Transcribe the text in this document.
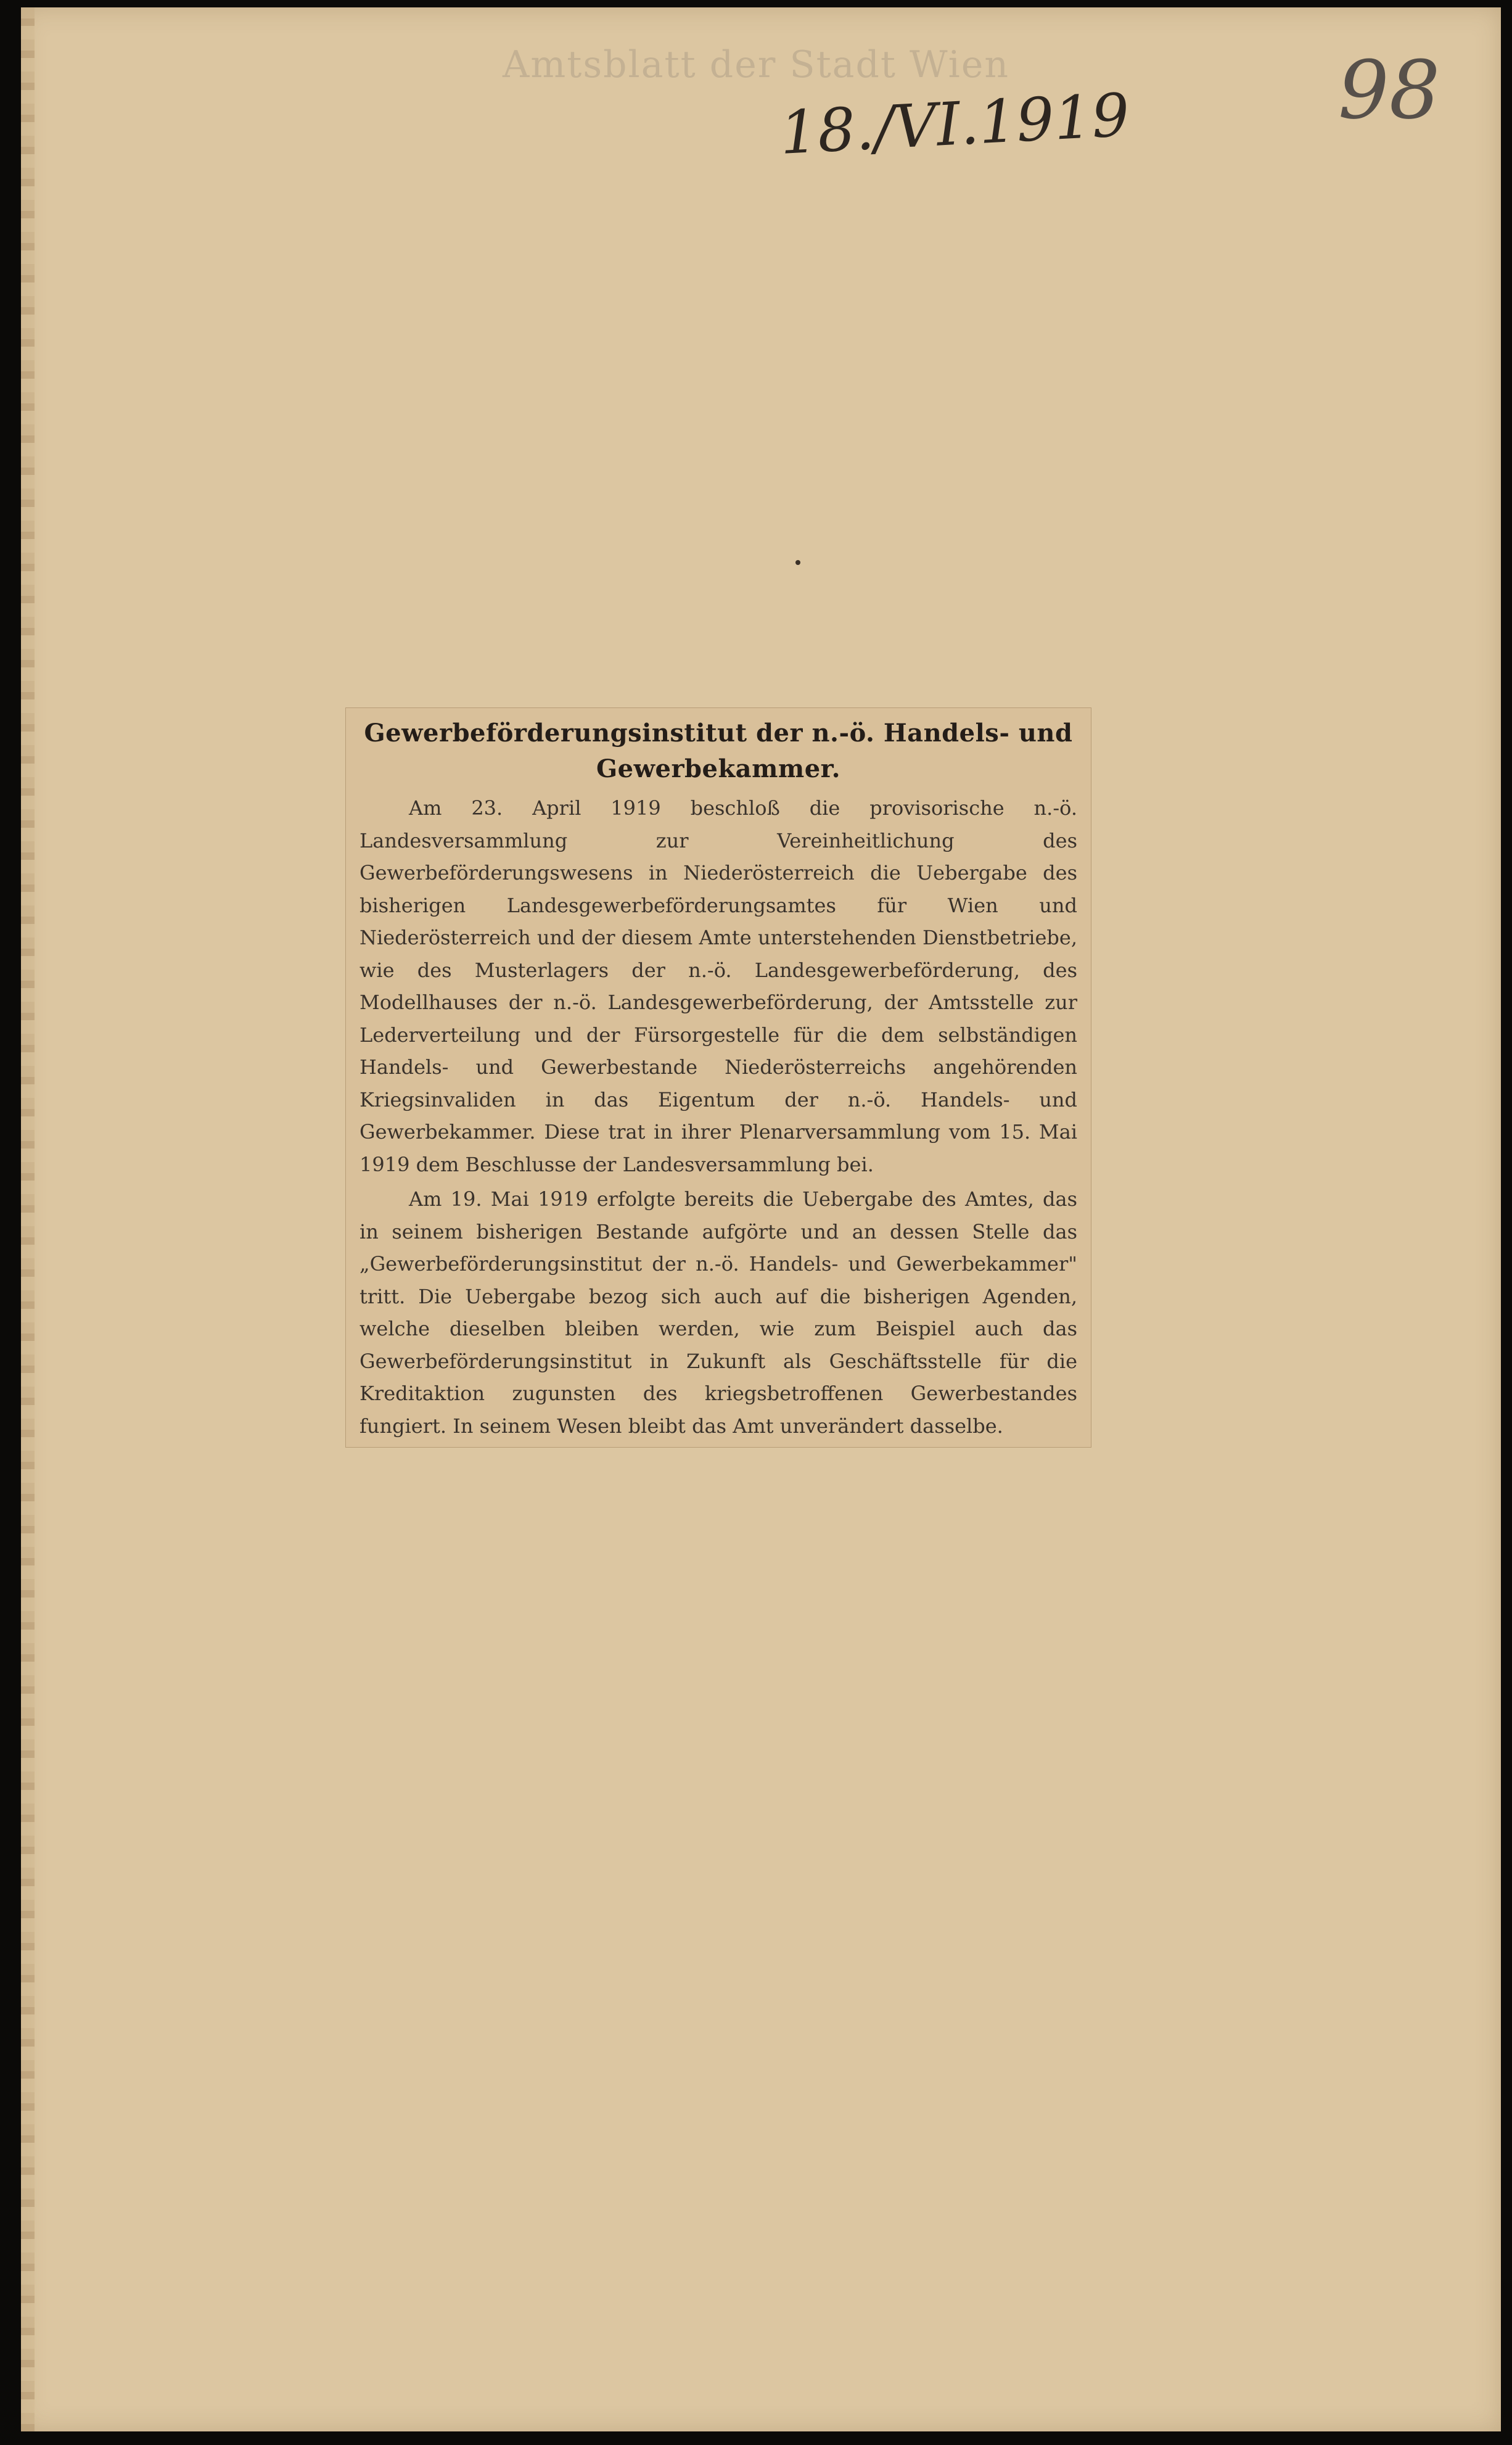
Amtsblatt der Stadt Wien
18./VI.1919	98
Gewerbeförderungsinstitut der n.-ö. Handels- und Gewerbekammer.

Am 23. April 1919 beschloß die provisorische n.-ö. Landesversammlung zur Vereinheitlichung des Gewerbeförderungswesens in Niederösterreich die Uebergabe des bisherigen Landesgewerbeförderungsamtes für Wien und Niederösterreich und der diesem Amte unterstehenden Dienstbetriebe, wie des Musterlagers der n.-ö. Landesgewerbeförderung, des Modellhauses der n.-ö. Landesgewerbeförderung, der Amtsstelle zur Lederverteilung und der Fürsorgestelle für die dem selbständigen Handels- und Gewerbestande Niederösterreichs angehörenden Kriegsinvaliden in das Eigentum der n.-ö. Handels- und Gewerbekammer. Diese trat in ihrer Plenarversammlung vom 15. Mai 1919 dem Beschlusse der Landesversammlung bei.

Am 19. Mai 1919 erfolgte bereits die Uebergabe des Amtes, das in seinem bisherigen Bestande aufgörte und an dessen Stelle das „Gewerbeförderungsinstitut der n.-ö. Handels- und Gewerbekammer" tritt. Die Uebergabe bezog sich auch auf die bisherigen Agenden, welche dieselben bleiben werden, wie zum Beispiel auch das Gewerbeförderungsinstitut in Zukunft als Geschäftsstelle für die Kreditaktion zugunsten des kriegsbetroffenen Gewerbestandes fungiert. In seinem Wesen bleibt das Amt unverändert dasselbe.
